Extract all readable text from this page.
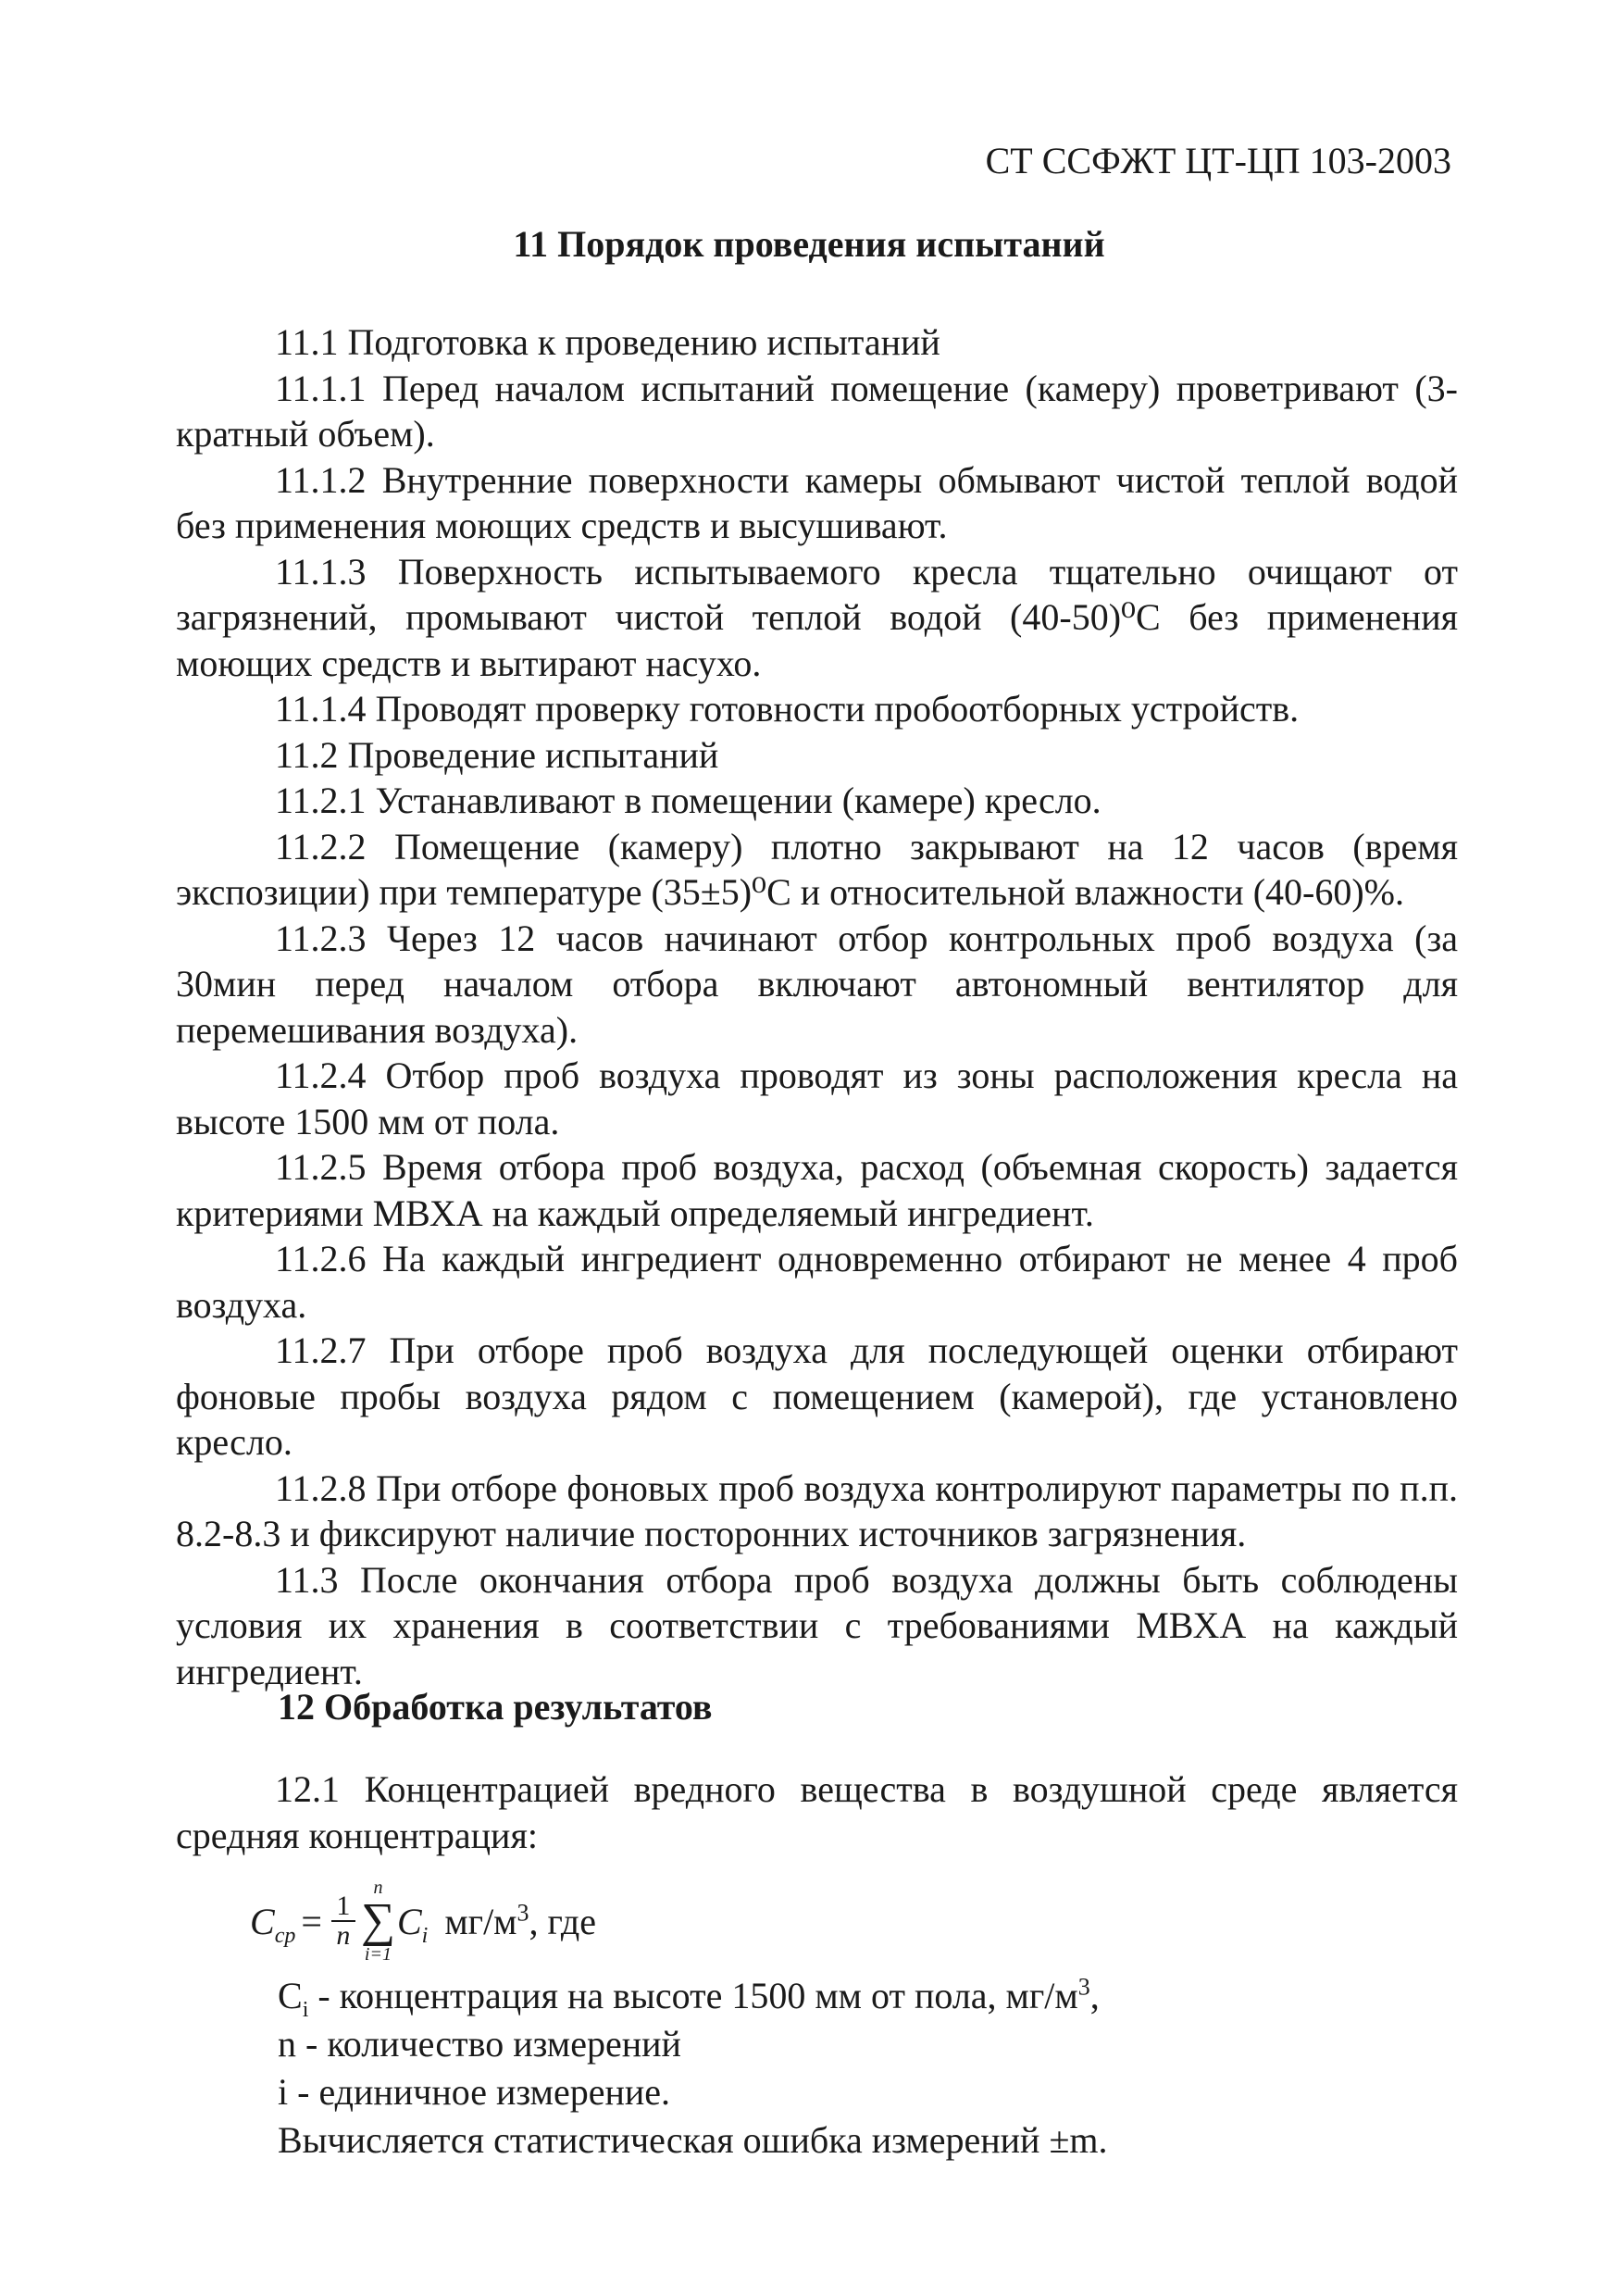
СТ ССФЖТ ЦТ-ЦП 103-2003
11 Порядок проведения испытаний

11.1 Подготовка к проведению испытаний

11.1.1 Перед началом испытаний помещение (камеру) проветривают (3-кратный объем).

11.1.2 Внутренние поверхности камеры обмывают чистой теплой водой без применения моющих средств и высушивают.

11.1.3 Поверхность испытываемого кресла тщательно очищают от загрязнений, промывают чистой теплой водой (40-50)⁰С без применения моющих средств и вытирают насухо.

11.1.4 Проводят проверку готовности пробоотборных устройств.

11.2 Проведение испытаний

11.2.1 Устанавливают в помещении (камере) кресло.

11.2.2 Помещение (камеру) плотно закрывают на 12 часов (время экспозиции) при температуре (35±5)⁰С и относительной влажности (40-60)%.

11.2.3 Через 12 часов начинают отбор контрольных проб воздуха (за 30мин перед началом отбора включают автономный вентилятор для перемешивания воздуха).

11.2.4 Отбор проб воздуха проводят из зоны расположения кресла на высоте 1500 мм от пола.

11.2.5 Время отбора проб воздуха, расход (объемная скорость) задается критериями МВХА на каждый определяемый ингредиент.

11.2.6 На каждый ингредиент одновременно отбирают не менее 4 проб воздуха.

11.2.7 При отборе проб воздуха для последующей оценки отбирают фоновые пробы воздуха рядом с помещением (камерой), где установлено кресло.

11.2.8 При отборе фоновых проб воздуха контролируют параметры по п.п. 8.2-8.3 и фиксируют наличие посторонних источников загрязнения.

11.3 После окончания отбора проб воздуха должны быть соблюдены условия их хранения в соответствии с требованиями МВХА на каждый ингредиент.

12 Обработка результатов

12.1 Концентрацией вредного вещества в воздушной среде является средняя концентрация:

$C_{ср} = \frac{1}{n}$
n
∑
i=1
$C_i$ $мг/м^3$, где
$C_i$ - концентрация на высоте 1500 мм от пола, $мг/м^3$,
n - количество измерений
i - единичное измерение.
Вычисляется статистическая ошибка измерений ±m.
